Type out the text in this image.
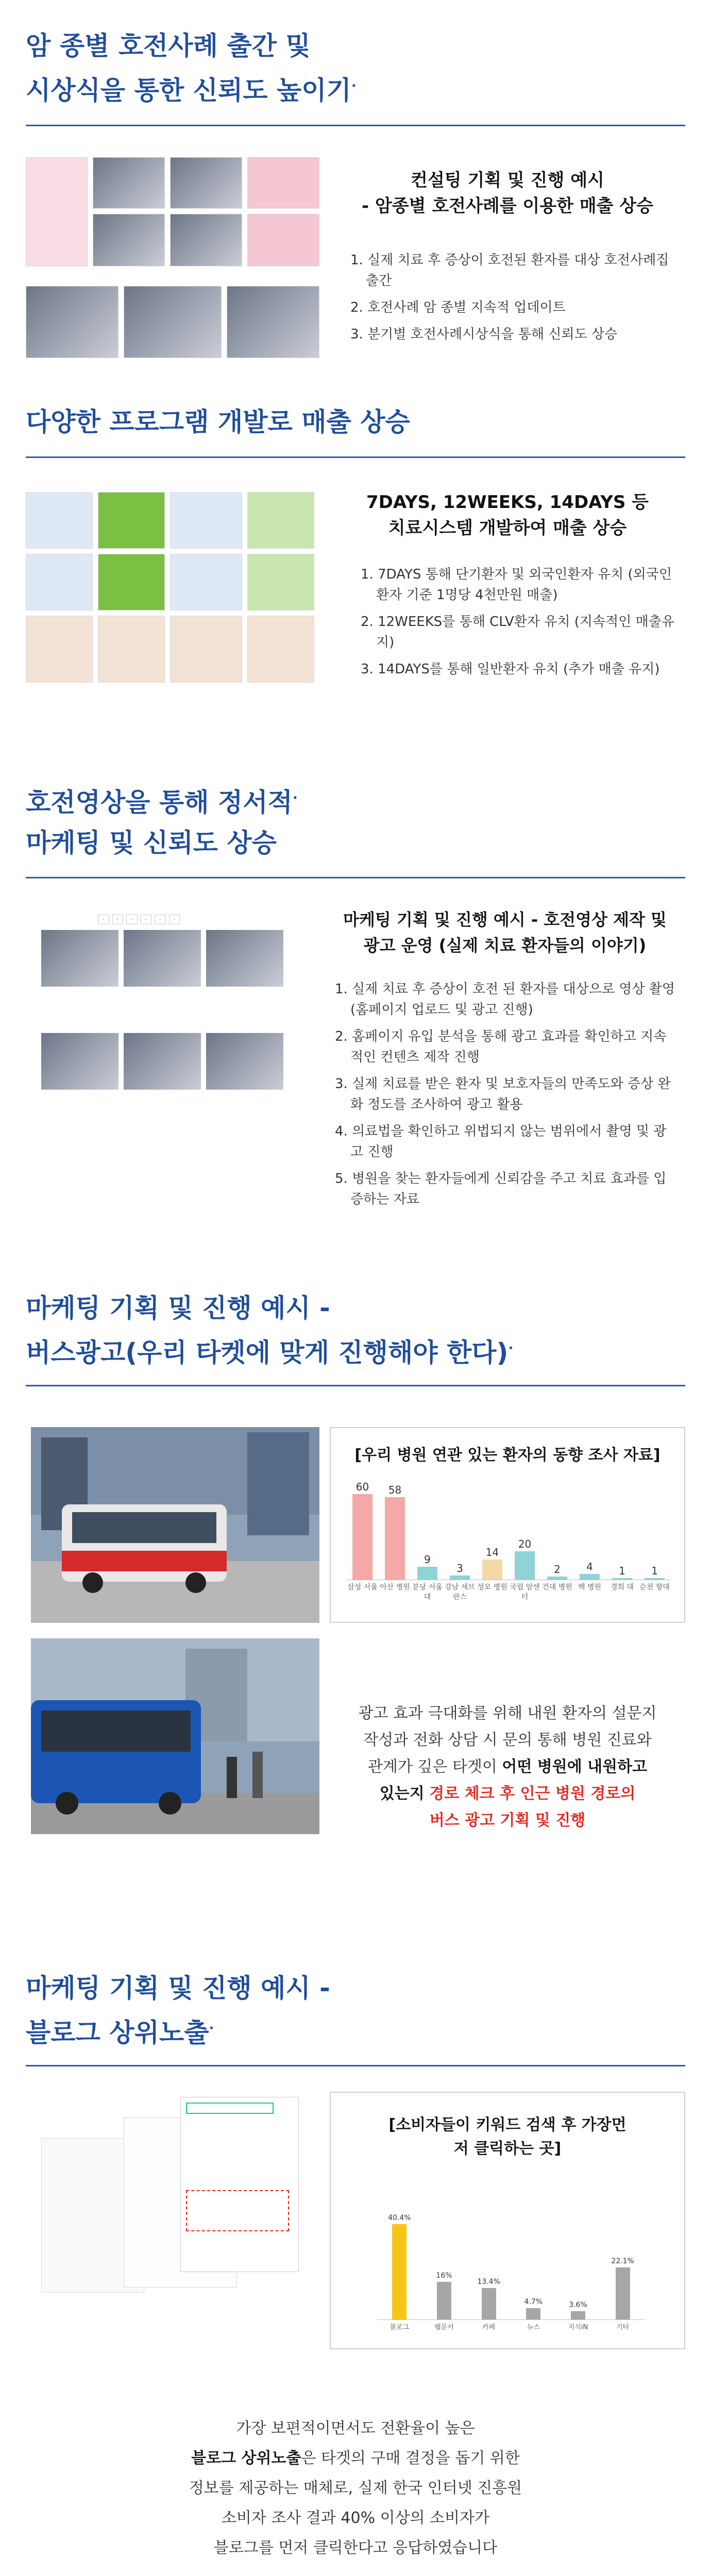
암 종별 호전사례 출간 및
시상식을 통한 신뢰도 높이기·
컨설팅 기획 및 진행 예시
- 암종별 호전사례를 이용한 매출 상승
1. 실제 치료 후 증상이 호전된 환자를 대상 호전사례집 출간
2. 호전사례 암 종별 지속적 업데이트
3. 분기별 호전사례시상식을 통해 신뢰도 상승
다양한 프로그램 개발로 매출 상승
7DAYS, 12WEEKS, 14DAYS 등
치료시스템 개발하여 매출 상승
1. 7DAYS 통해 단기환자 및 외국인환자 유치 (외국인환자 기준 1명당 4천만원 매출)
2. 12WEEKS를 통해 CLV환자 유치 (지속적인 매출유지)
3. 14DAYS를 통해 일반환자 유치 (추가 매출 유지)
호전영상을 통해 정서적·
마케팅 및 신뢰도 상승
·	·	·	·	·	·	마케팅 기획 및 진행 예시 - 호전영상 제작 및
광고 운영 (실제 치료 환자들의 이야기)
1. 실제 치료 후 증상이 호전 된 환자를 대상으로 영상 촬영(홈페이지 업로드 및 광고 진행)
2. 홈페이지 유입 분석을 통해 광고 효과를 확인하고 지속적인 컨텐츠 제작 진행
3. 실제 치료를 받은 환자 및 보호자들의 만족도와 증상 완화 정도를 조사하여 광고 활용
4. 의료법을 확인하고 위법되지 않는 범위에서 촬영 및 광고 진행
5. 병원을 찾는 환자들에게 신뢰감을 주고 치료 효과를 입증하는 자료
마케팅 기획 및 진행 예시 -
버스광고(우리 타켓에 맞게 진행해야 한다)·
[우리 병원 연관 있는 환자의 동향 조사 자료]
60
삼성 서울
58
아산 병원
9
분당 서울대
3
강남 세브 란스
14
성모 병원
20
국립 암센터
2
건대 병원
4
백 병원
1
경희 대
1
순천 향대
광고 효과 극대화를 위해 내원 환자의 설문지
작성과 전화 상담 시 문의 통해 병원 진료와
관계가 깊은 타겟이 어떤 병원에 내원하고
있는지 경로 체크 후 인근 병원 경로의
버스 광고 기획 및 진행
마케팅 기획 및 진행 예시 -
블로그 상위노출·
[소비자들이 키워드 검색 후 가장먼저 클릭하는 곳]
40.4%
블로그
16%
웹문서
13.4%
카페
4.7%
뉴스
3.6%
지식iN
22.1%
기타
가장 보편적이면서도 전환율이 높은
블로그 상위노출은 타겟의 구매 결정을 돕기 위한
정보를 제공하는 매체로, 실제 한국 인터넷 진흥원
소비자 조사 결과 40% 이상의 소비자가
블로그를 먼저 클릭한다고 응답하였습니다
